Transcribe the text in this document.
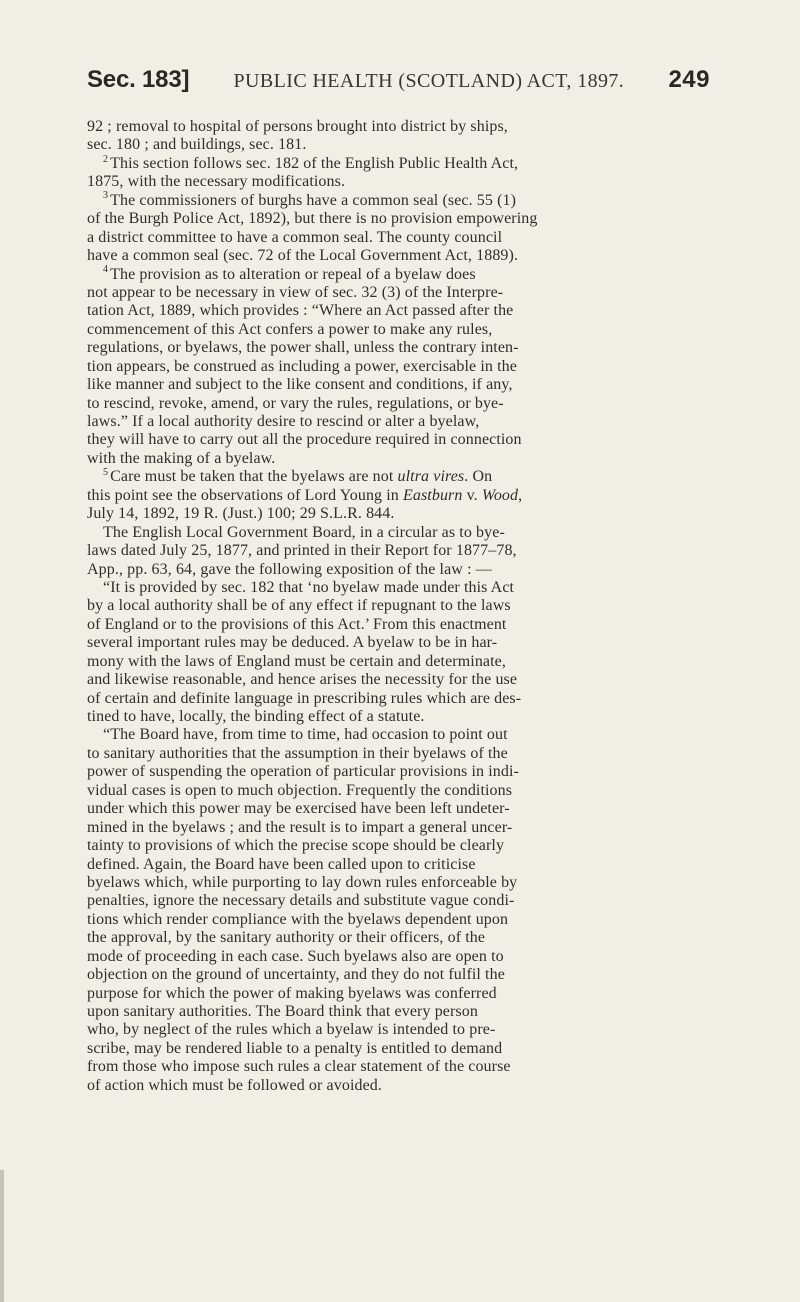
Sec. 183] PUBLIC HEALTH (SCOTLAND) ACT, 1897. 249
92 ; removal to hospital of persons brought into district by ships,
sec. 180 ; and buildings, sec. 181.
$^2$ This section follows sec. 182 of the English Public Health Act,
1875, with the necessary modifications.
$^3$ The commissioners of burghs have a common seal (sec. 55 (1)
of the Burgh Police Act, 1892), but there is no provision empowering
a district committee to have a common seal. The county council
have a common seal (sec. 72 of the Local Government Act, 1889).
$^4$ The provision as to alteration or repeal of a byelaw does
not appear to be necessary in view of sec. 32 (3) of the Interpre-
tation Act, 1889, which provides : “Where an Act passed after the
commencement of this Act confers a power to make any rules,
regulations, or byelaws, the power shall, unless the contrary inten-
tion appears, be construed as including a power, exercisable in the
like manner and subject to the like consent and conditions, if any,
to rescind, revoke, amend, or vary the rules, regulations, or bye-
laws.” If a local authority desire to rescind or alter a byelaw,
they will have to carry out all the procedure required in connection
with the making of a byelaw.
$^5$ Care must be taken that the byelaws are not ultra vires. On
this point see the observations of Lord Young in Eastburn v. Wood,
July 14, 1892, 19 R. (Just.) 100; 29 S.L.R. 844.
The English Local Government Board, in a circular as to bye-
laws dated July 25, 1877, and printed in their Report for 1877–78,
App., pp. 63, 64, gave the following exposition of the law : —
“It is provided by sec. 182 that ‘no byelaw made under this Act
by a local authority shall be of any effect if repugnant to the laws
of England or to the provisions of this Act.’ From this enactment
several important rules may be deduced. A byelaw to be in har-
mony with the laws of England must be certain and determinate,
and likewise reasonable, and hence arises the necessity for the use
of certain and definite language in prescribing rules which are des-
tined to have, locally, the binding effect of a statute.
“The Board have, from time to time, had occasion to point out
to sanitary authorities that the assumption in their byelaws of the
power of suspending the operation of particular provisions in indi-
vidual cases is open to much objection. Frequently the conditions
under which this power may be exercised have been left undeter-
mined in the byelaws ; and the result is to impart a general uncer-
tainty to provisions of which the precise scope should be clearly
defined. Again, the Board have been called upon to criticise
byelaws which, while purporting to lay down rules enforceable by
penalties, ignore the necessary details and substitute vague condi-
tions which render compliance with the byelaws dependent upon
the approval, by the sanitary authority or their officers, of the
mode of proceeding in each case. Such byelaws also are open to
objection on the ground of uncertainty, and they do not fulfil the
purpose for which the power of making byelaws was conferred
upon sanitary authorities. The Board think that every person
who, by neglect of the rules which a byelaw is intended to pre-
scribe, may be rendered liable to a penalty is entitled to demand
from those who impose such rules a clear statement of the course
of action which must be followed or avoided.
